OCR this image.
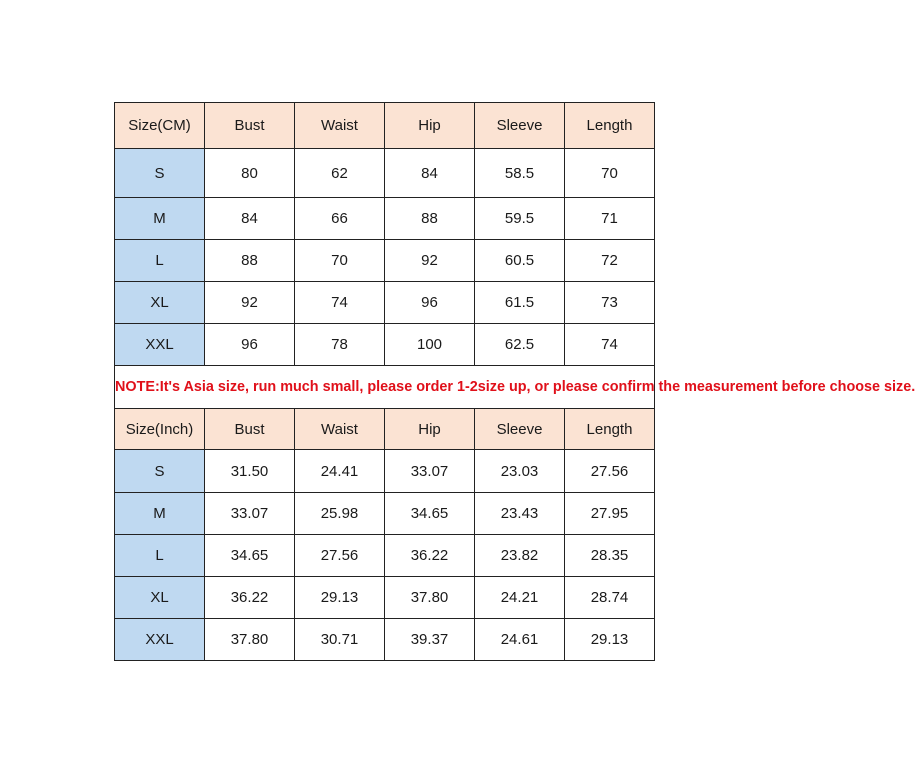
Size(CM)	Bust	Waist	Hip	Sleeve	Length
S	80	62	84	58.5	70
M	84	66	88	59.5	71
L	88	70	92	60.5	72
XL	92	74	96	61.5	73
XXL	96	78	100	62.5	74
NOTE:It's Asia size, run much small, please order 1-2size up, or please confirm the measurement before choose size.					
Size(Inch)	Bust	Waist	Hip	Sleeve	Length
S	31.50	24.41	33.07	23.03	27.56
M	33.07	25.98	34.65	23.43	27.95
L	34.65	27.56	36.22	23.82	28.35
XL	36.22	29.13	37.80	24.21	28.74
XXL	37.80	30.71	39.37	24.61	29.13
